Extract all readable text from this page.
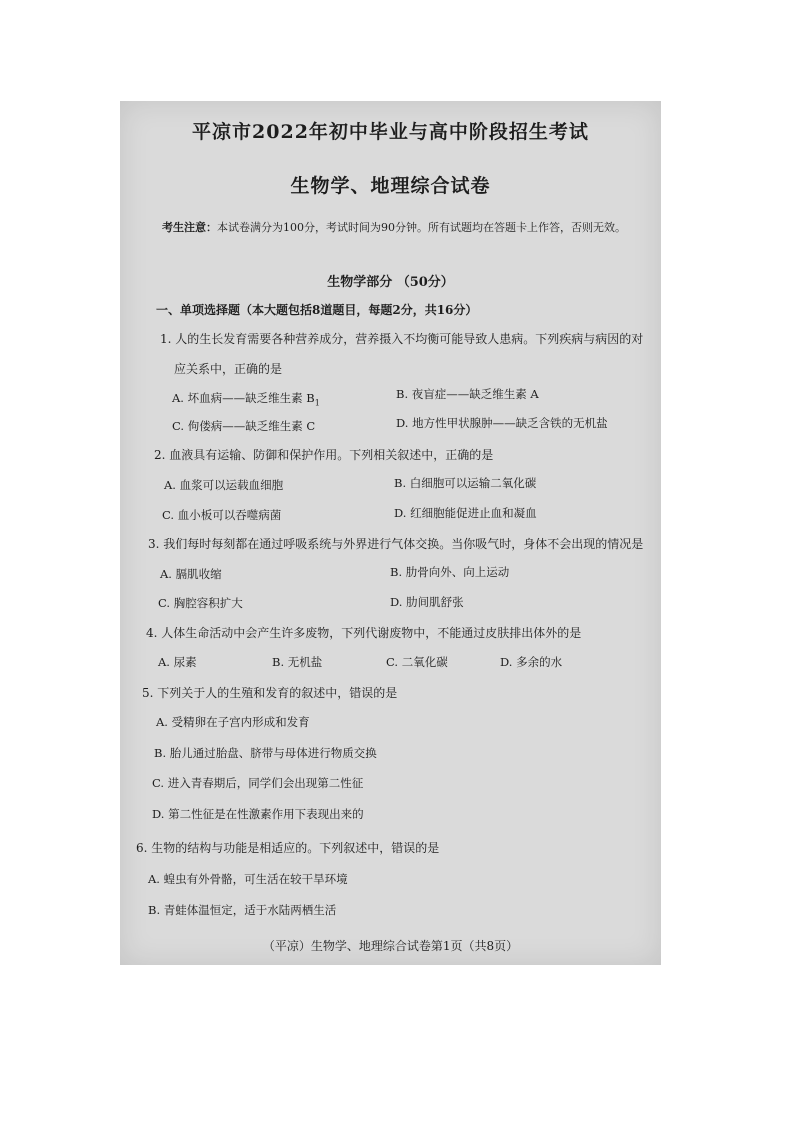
平凉市2022年初中毕业与高中阶段招生考试
生物学、地理综合试卷
考生注意：本试卷满分为100分，考试时间为90分钟。所有试题均在答题卡上作答，否则无效。
生物学部分 （50分）
一、单项选择题（本大题包括8道题目，每题2分，共16分）
1. 人的生长发育需要各种营养成分，营养摄入不均衡可能导致人患病。下列疾病与病因的对
应关系中，正确的是
A. 坏血病——缺乏维生素 $B_1$
B. 夜盲症——缺乏维生素 A
C. 佝偻病——缺乏维生素 C	D. 地方性甲状腺肿——缺乏含铁的无机盐
2. 血液具有运输、防御和保护作用。下列相关叙述中，正确的是
A. 血浆可以运载血细胞	B. 白细胞可以运输二氧化碳
C. 血小板可以吞噬病菌	D. 红细胞能促进止血和凝血
3. 我们每时每刻都在通过呼吸系统与外界进行气体交换。当你吸气时，身体不会出现的情况是
A. 膈肌收缩	B. 肋骨向外、向上运动
C. 胸腔容积扩大	D. 肋间肌舒张
4. 人体生命活动中会产生许多废物，下列代谢废物中，不能通过皮肤排出体外的是
A. 尿素	B. 无机盐	C. 二氧化碳	D. 多余的水
5. 下列关于人的生殖和发育的叙述中，错误的是
A. 受精卵在子宫内形成和发育
B. 胎儿通过胎盘、脐带与母体进行物质交换
C. 进入青春期后，同学们会出现第二性征
D. 第二性征是在性激素作用下表现出来的
6. 生物的结构与功能是相适应的。下列叙述中，错误的是
A. 蝗虫有外骨骼，可生活在较干旱环境
B. 青蛙体温恒定，适于水陆两栖生活
（平凉）生物学、地理综合试卷第1页（共8页）
